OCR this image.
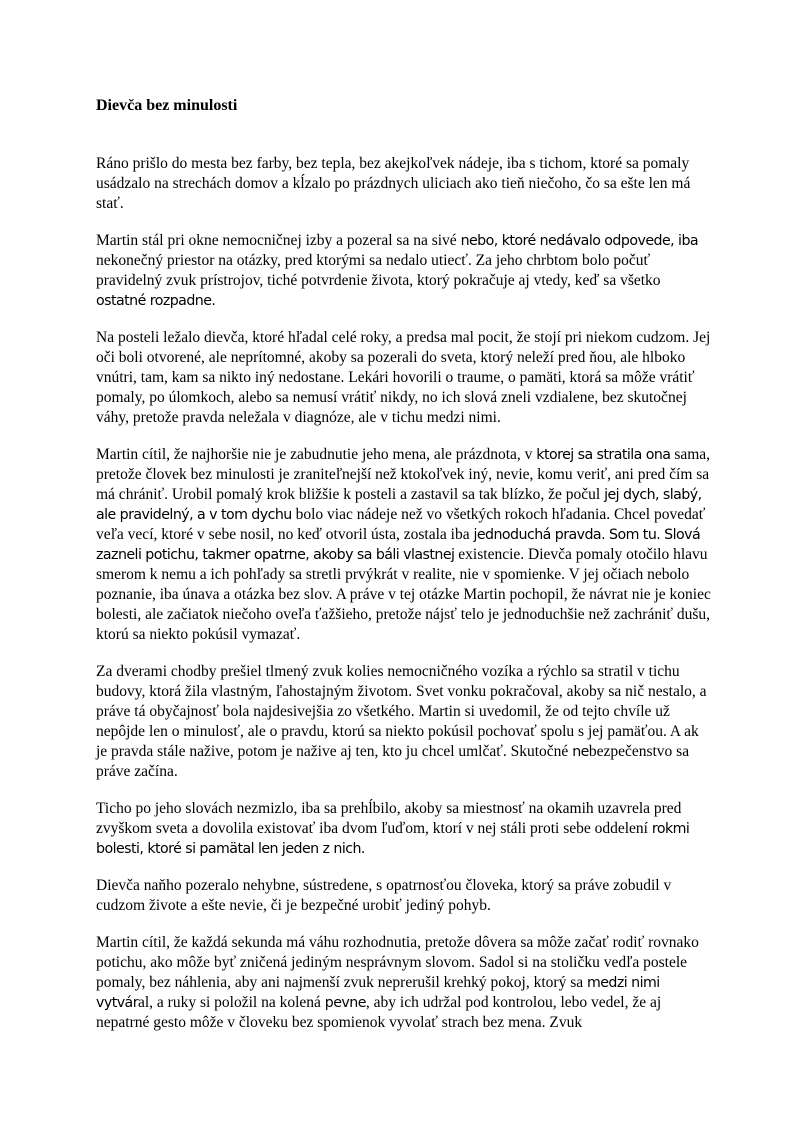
Dievča bez minulosti

Ráno prišlo do mesta bez farby, bez tepla, bez akejkoľvek nádeje, iba s tichom, ktoré sa pomaly usádzalo na strechách domov a kĺzalo po prázdnych uliciach ako tieň niečoho, čo sa ešte len má stať.

Martin stál pri okne nemocničnej izby a pozeral sa na sivé nebo, ktoré nedávalo odpovede, iba nekonečný priestor na otázky, pred ktorými sa nedalo utiecť. Za jeho chrbtom bolo počuť pravidelný zvuk prístrojov, tiché potvrdenie života, ktorý pokračuje aj vtedy, keď sa všetko ostatné rozpadne.

Na posteli ležalo dievča, ktoré hľadal celé roky, a predsa mal pocit, že stojí pri niekom cudzom. Jej oči boli otvorené, ale neprítomné, akoby sa pozerali do sveta, ktorý neleží pred ňou, ale hlboko vnútri, tam, kam sa nikto iný nedostane. Lekári hovorili o traume, o pamäti, ktorá sa môže vrátiť pomaly, po úlomkoch, alebo sa nemusí vrátiť nikdy, no ich slová zneli vzdialene, bez skutočnej váhy, pretože pravda neležala v diagnóze, ale v tichu medzi nimi.

Martin cítil, že najhoršie nie je zabudnutie jeho mena, ale prázdnota, v ktorej sa stratila ona sama, pretože človek bez minulosti je zraniteľnejší než ktokoľvek iný, nevie, komu veriť, ani pred čím sa má chrániť. Urobil pomalý krok bližšie k posteli a zastavil sa tak blízko, že počul jej dych, slabý, ale pravidelný, a v tom dychu bolo viac nádeje než vo všetkých rokoch hľadania. Chcel povedať veľa vecí, ktoré v sebe nosil, no keď otvoril ústa, zostala iba jednoduchá pravda. Som tu. Slová zazneli potichu, takmer opatrne, akoby sa báli vlastnej existencie. Dievča pomaly otočilo hlavu smerom k nemu a ich pohľady sa stretli prvýkrát v realite, nie v spomienke. V jej očiach nebolo poznanie, iba únava a otázka bez slov. A práve v tej otázke Martin pochopil, že návrat nie je koniec bolesti, ale začiatok niečoho oveľa ťažšieho, pretože nájsť telo je jednoduchšie než zachrániť dušu, ktorú sa niekto pokúsil vymazať.

Za dverami chodby prešiel tlmený zvuk kolies nemocničného vozíka a rýchlo sa stratil v tichu budovy, ktorá žila vlastným, ľahostajným životom. Svet vonku pokračoval, akoby sa nič nestalo, a práve tá obyčajnosť bola najdesivejšia zo všetkého. Martin si uvedomil, že od tejto chvíle už nepôjde len o minulosť, ale o pravdu, ktorú sa niekto pokúsil pochovať spolu s jej pamäťou. A ak je pravda stále nažive, potom je nažive aj ten, kto ju chcel umlčať. Skutočné nebezpečenstvo sa práve začína.

Ticho po jeho slovách nezmizlo, iba sa prehĺbilo, akoby sa miestnosť na okamih uzavrela pred zvyškom sveta a dovolila existovať iba dvom ľuďom, ktorí v nej stáli proti sebe oddelení rokmi bolesti, ktoré si pamätal len jeden z nich.

Dievča naňho pozeralo nehybne, sústredene, s opatrnosťou človeka, ktorý sa práve zobudil v cudzom živote a ešte nevie, či je bezpečné urobiť jediný pohyb.

Martin cítil, že každá sekunda má váhu rozhodnutia, pretože dôvera sa môže začať rodiť rovnako potichu, ako môže byť zničená jediným nesprávnym slovom. Sadol si na stoličku vedľa postele pomaly, bez náhlenia, aby ani najmenší zvuk neprerušil krehký pokoj, ktorý sa medzi nimi vytváral, a ruky si položil na kolená pevne, aby ich udržal pod kontrolou, lebo vedel, že aj nepatrné gesto môže v človeku bez spomienok vyvolať strach bez mena. Zvuk
